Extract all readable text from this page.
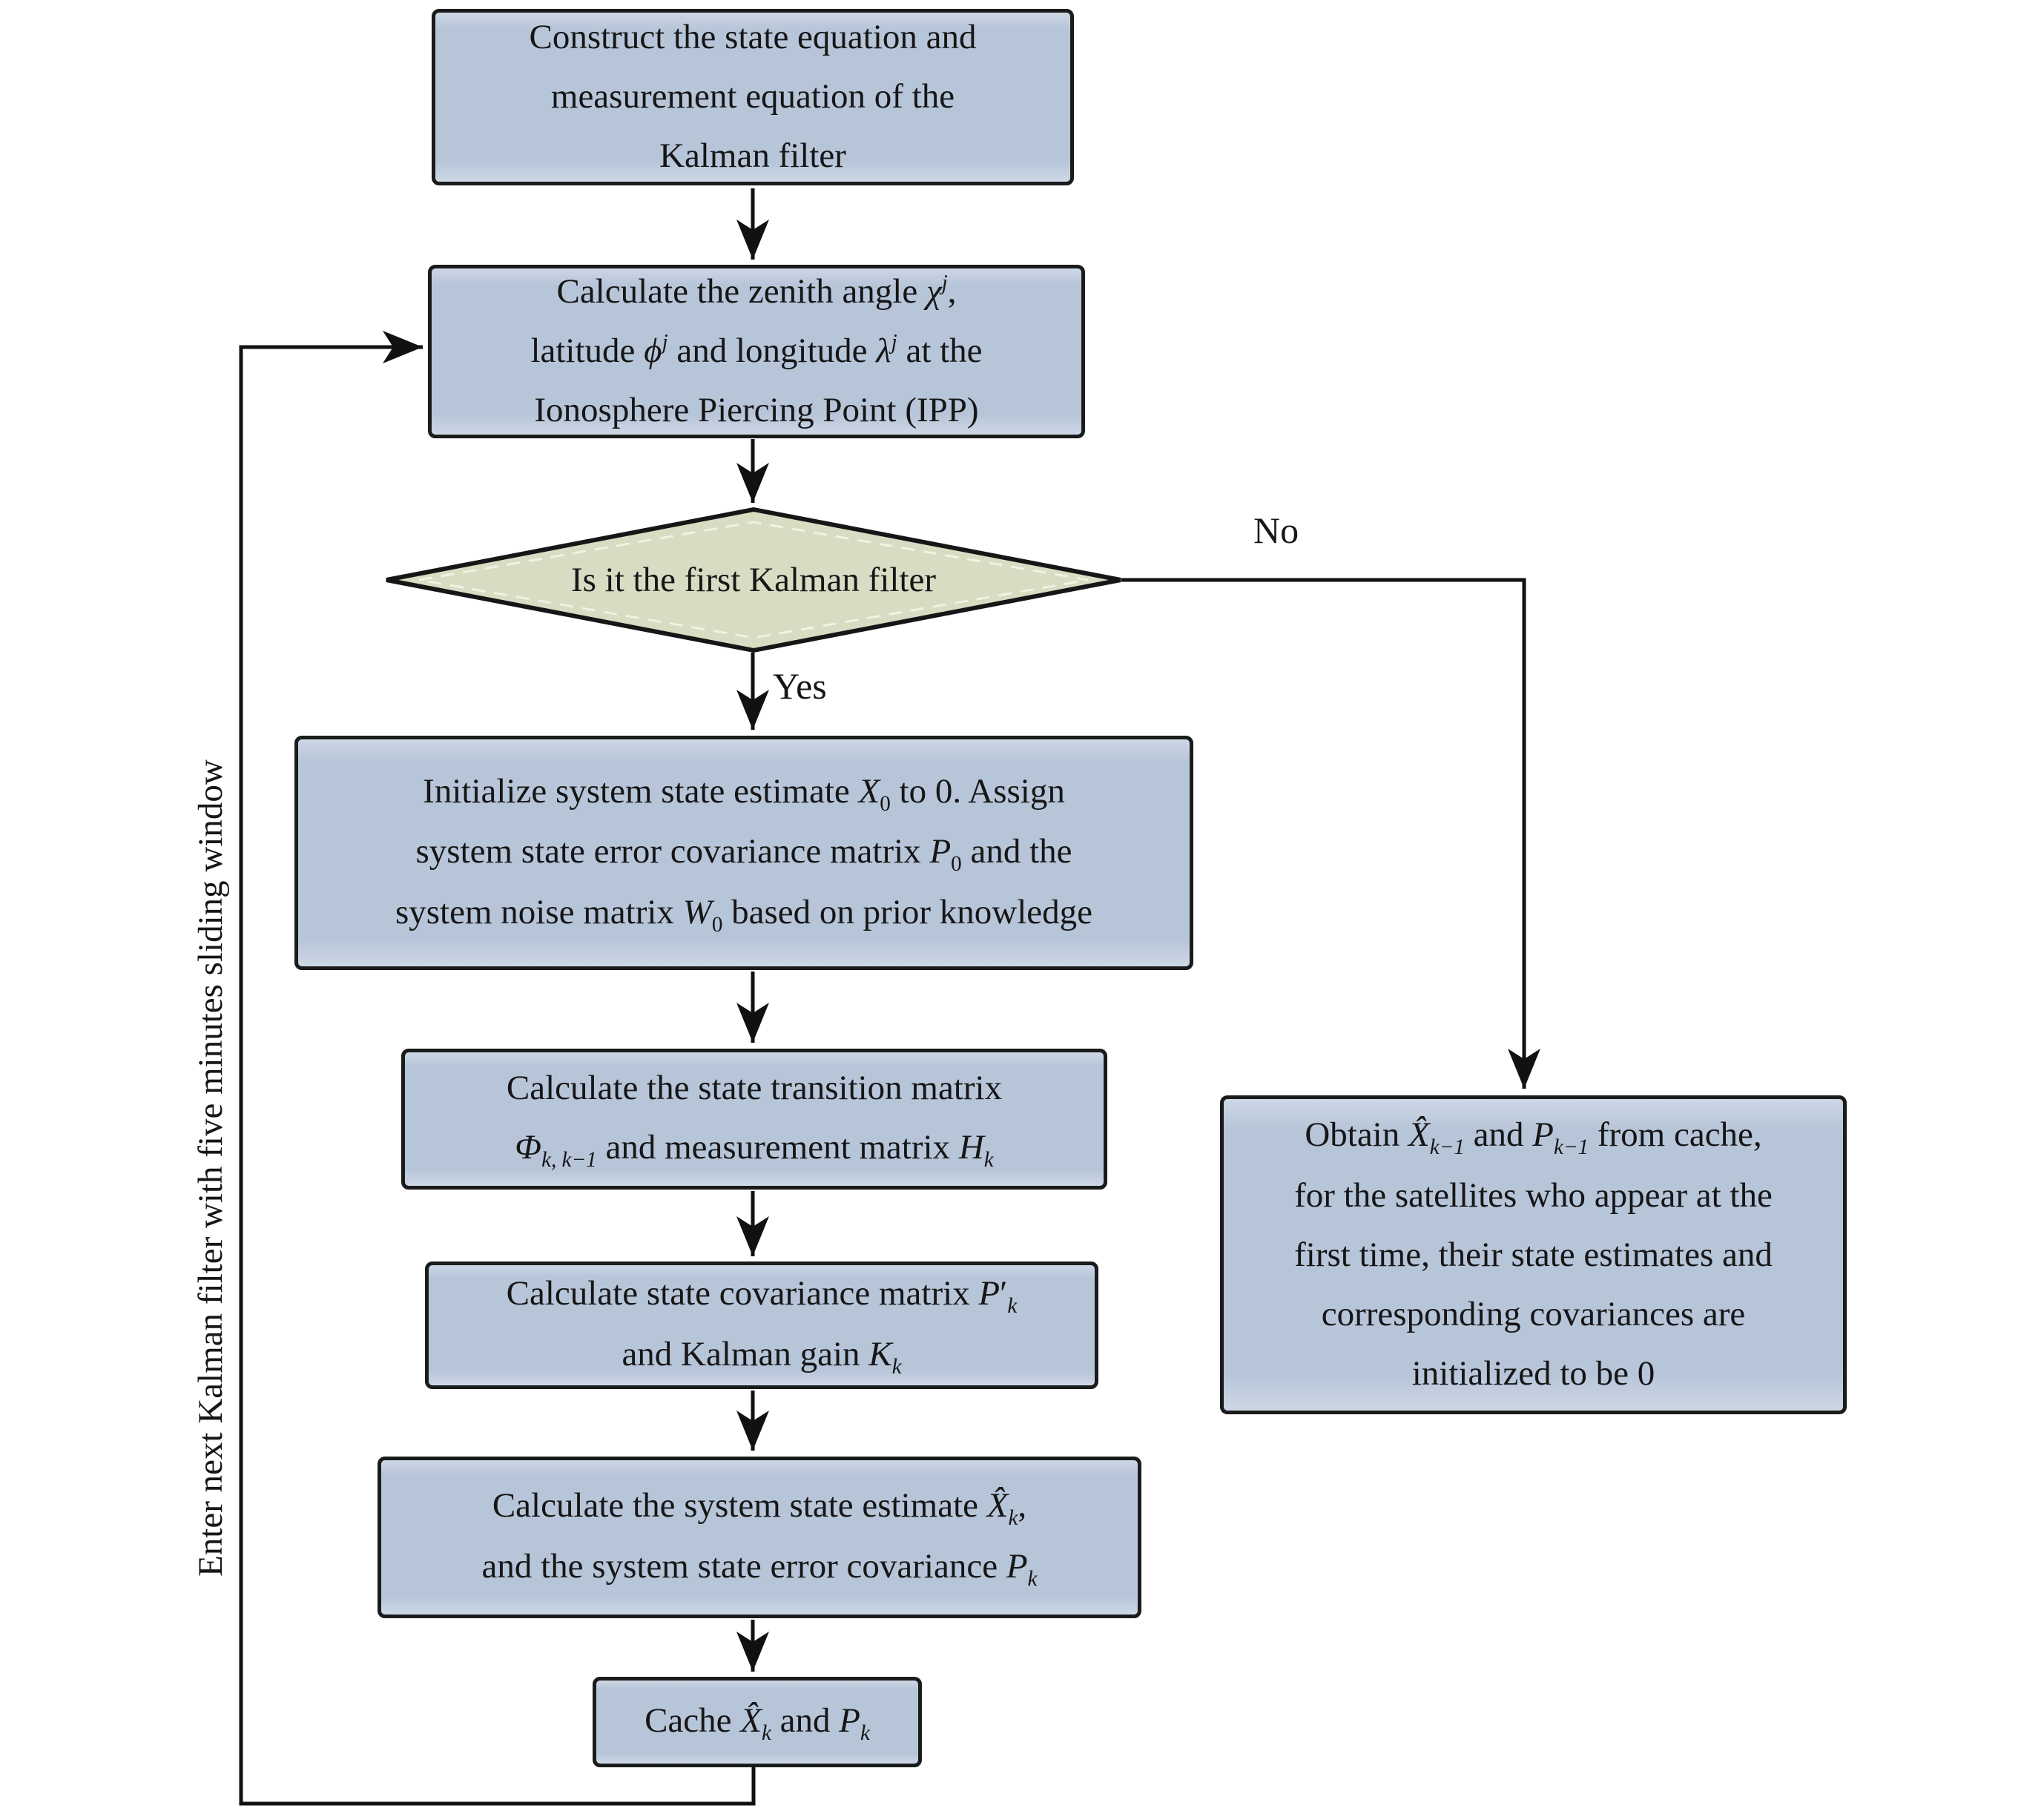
Construct the state equation and
measurement equation of the
Kalman filter
Calculate the zenith angle $\chi^j$,
latitude $\phi^j$ and longitude $\lambda^j$ at the
Ionosphere Piercing Point (IPP)
Is it the first Kalman filter
Yes
No
Initialize system state estimate $X_0$ to 0. Assign
system state error covariance matrix $P_0$ and the
system noise matrix $W_0$ based on prior knowledge
Calculate the state transition matrix
$\Phi_{k, k-1}$ and measurement matrix $H_k$
Calculate state covariance matrix $P'_k$
and Kalman gain $K_k$
Calculate the system state estimate $X̂_k$,
and the system state error covariance $P_k$
Cache $X̂_k$ and $P_k$
Obtain $X̂_{k-1}$ and $P_{k-1}$ from cache,
for the satellites who appear at the
first time, their state estimates and
corresponding covariances are
initialized to be 0
Enter next Kalman filter with five minutes sliding window
